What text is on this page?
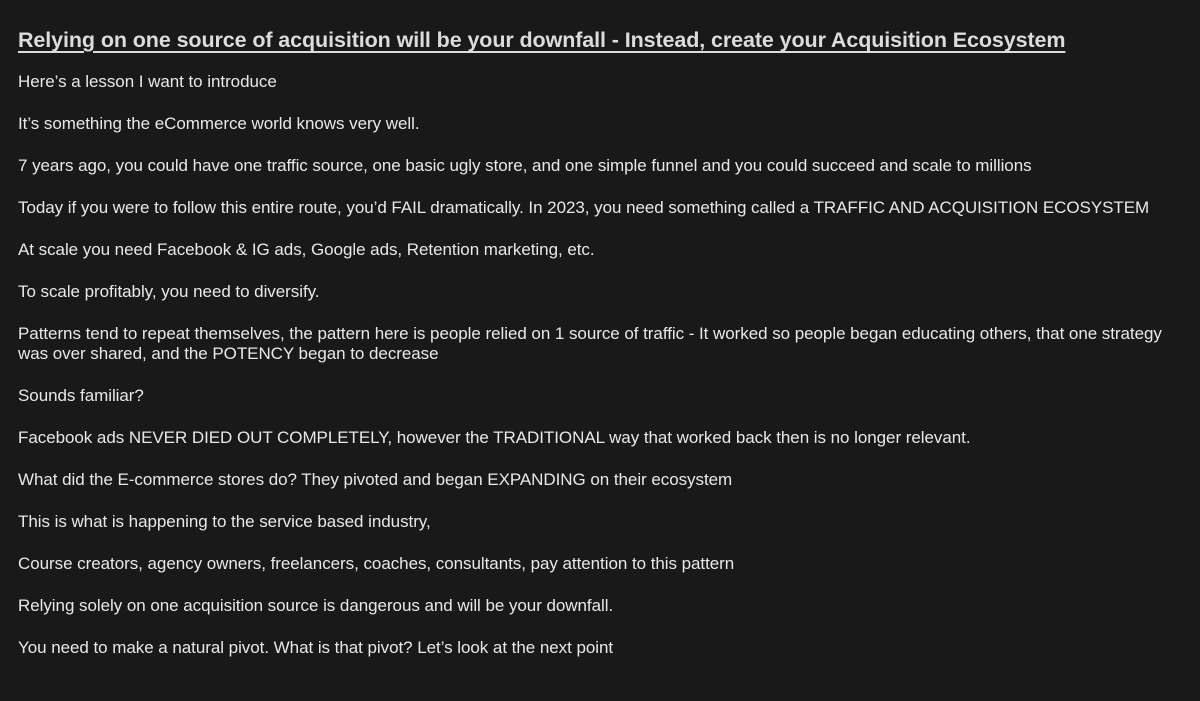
Relying on one source of acquisition will be your downfall - Instead, create your Acquisition Ecosystem

Here’s a lesson I want to introduce

It’s something the eCommerce world knows very well.

7 years ago, you could have one traffic source, one basic ugly store, and one simple funnel and you could succeed and scale to millions

Today if you were to follow this entire route, you’d FAIL dramatically. In 2023, you need something called a TRAFFIC AND ACQUISITION ECOSYSTEM

At scale you need Facebook & IG ads, Google ads, Retention marketing, etc.

To scale profitably, you need to diversify.

Patterns tend to repeat themselves, the pattern here is people relied on 1 source of traffic - It worked so people began educating others, that one strategy was over shared, and the POTENCY began to decrease

Sounds familiar?

Facebook ads NEVER DIED OUT COMPLETELY, however the TRADITIONAL way that worked back then is no longer relevant.

What did the E-commerce stores do? They pivoted and began EXPANDING on their ecosystem

This is what is happening to the service based industry,

Course creators, agency owners, freelancers, coaches, consultants, pay attention to this pattern

Relying solely on one acquisition source is dangerous and will be your downfall.

You need to make a natural pivot. What is that pivot? Let’s look at the next point
